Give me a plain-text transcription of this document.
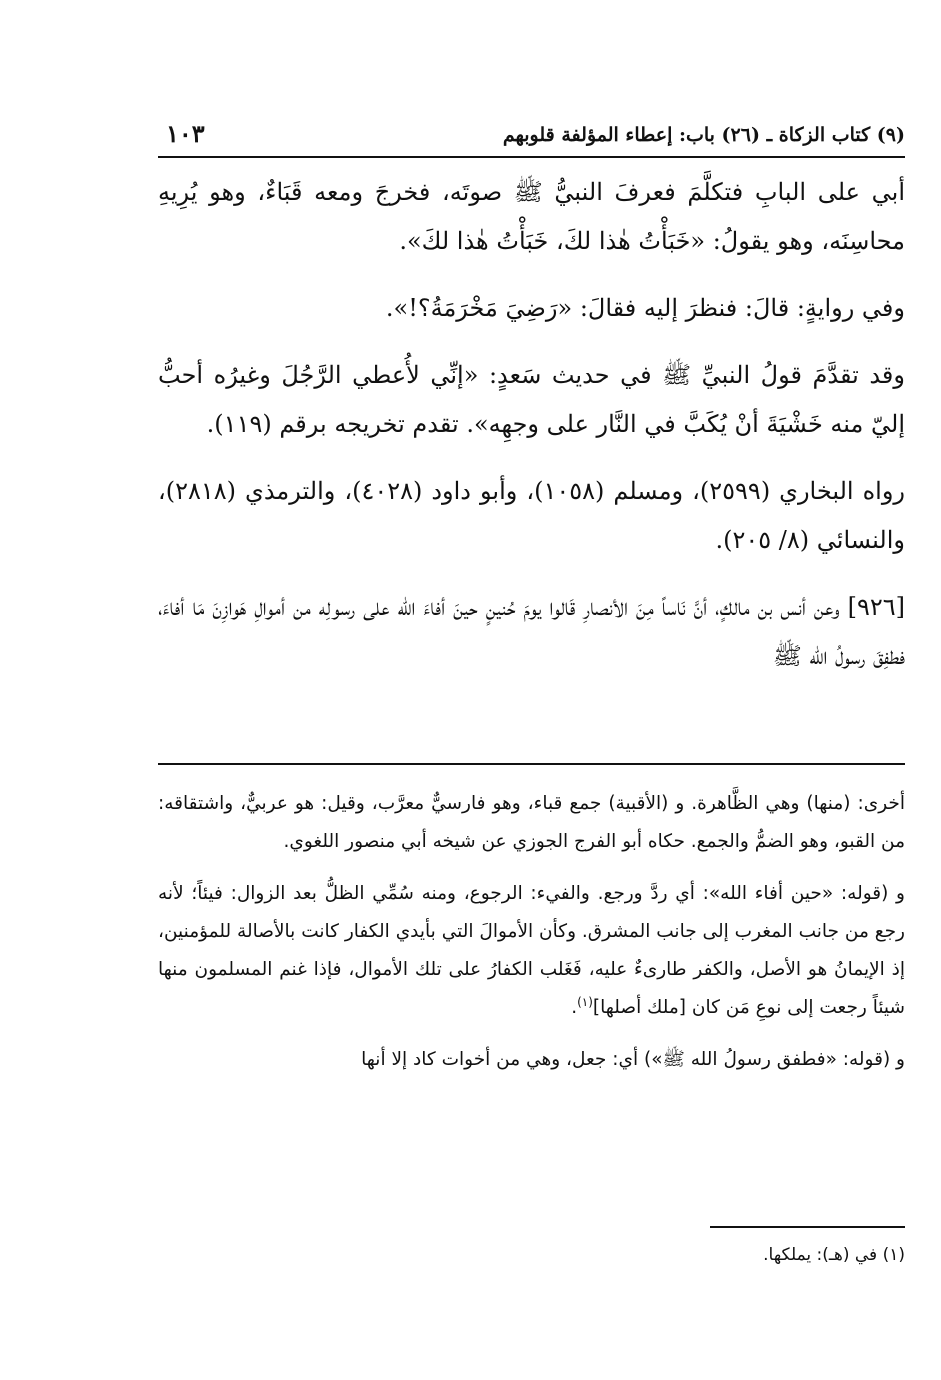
(٩) كتاب الزكاة ـ (٢٦) باب: إعطاء المؤلفة قلوبهم
١٠٣

أبي على البابِ فتكلَّمَ فعرفَ النبيُّ ﷺ صوتَه، فخرجَ ومعه قَبَاءٌ، وهو يُرِيهِ محاسِنَه، وهو يقولُ: «خَبَأْتُ هٰذا لكَ، خَبَأْتُ هٰذا لكَ».

وفي روايةٍ: قالَ: فنظرَ إليه فقالَ: «رَضِيَ مَخْرَمَةُ؟!».

وقد تقدَّمَ قولُ النبيِّ ﷺ في حديث سَعدٍ: «إنِّي لأُعطي الرَّجُلَ وغيرُه أحبُّ إليّ منه خَشْيَةَ أنْ يُكَبَّ في النَّار على وجهِه». تقدم تخريجه برقم (١١٩).

رواه البخاري (٢٥٩٩)، ومسلم (١٠٥٨)، وأبو داود (٤٠٢٨)، والترمذي (٢٨١٨)، والنسائي (٨/ ٢٠٥).

[٩٢٦] وعن أنس بن مالكٍ، أنَّ نَاساً مِنَ الأنصارِ قَالوا يومَ حُنينٍ حينَ أفاءَ الله على رسولِه من أموالِ هَوازِنَ مَا أفاءَ، فطفِقَ رسولُ الله ﷺ

أخرى: (منها) وهي الظَّاهرة. و (الأقبية) جمع قباء، وهو فارسيٌّ معرَّب، وقيل: هو عربيٌّ، واشتقاقه: من القبو، وهو الضمُّ والجمع. حكاه أبو الفرج الجوزي عن شيخه أبي منصور اللغوي.

و (قوله: «حين أفاء الله»: أي ردَّ ورجع. والفيء: الرجوع، ومنه سُمِّي الظلُّ بعد الزوال: فيئاً؛ لأنه رجع من جانب المغرب إلى جانب المشرق. وكأن الأموالَ التي بأيدي الكفار كانت بالأصالة للمؤمنين، إذ الإيمانُ هو الأصل، والكفر طارىءٌ عليه، فَغَلب الكفارُ على تلك الأموال، فإذا غنم المسلمون منها شيئاً رجعت إلى نوعِ مَن كان [ملك أصلها]$^{(١)}$.

و (قوله: «فطفق رسولُ الله ﷺ») أي: جعل، وهي من أخوات كاد إلا أنها

(١) في (هـ): يملكها.
